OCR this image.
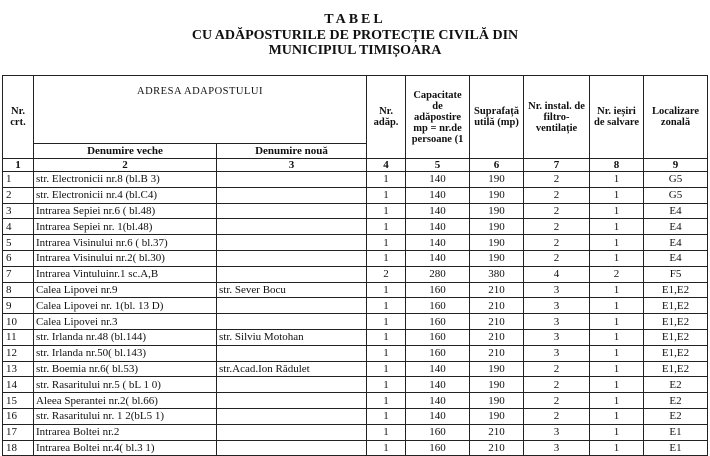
TABEL
CU ADĂPOSTURILE DE PROTECȚIE CIVILĂ DIN
MUNICIPIUL TIMIȘOARA
Nr. crt.	ADRESA ADAPOSTULUI		Nr. adăp.	Capacitate de adăpostire mp = nr.de persoane (1	Suprafață utilă (mp)	Nr. instal. de filtro-ventilație	Nr. ieșiri de salvare	Localizare zonală
	Denumire veche	Denumire nouă						
1	2	3	4	5	6	7	8	9
1	str. Electronicii nr.8 (bl.B 3)		1	140	190	2	1	G5
2	str. Electronicii nr.4 (bl.C4)		1	140	190	2	1	G5
3	Intrarea Sepiei nr.6 ( bl.48)		1	140	190	2	1	E4
4	Intrarea Sepiei nr. 1(bl.48)		1	140	190	2	1	E4
5	Intrarea Visinului nr.6 ( bl.37)		1	140	190	2	1	E4
6	Intrarea Visinului nr.2( bl.30)		1	140	190	2	1	E4
7	Intrarea Vintuluinr.1 sc.A,B		2	280	380	4	2	F5
8	Calea Lipovei nr.9	str. Sever Bocu	1	160	210	3	1	E1,E2
9	Calea Lipovei nr. 1(bl. 13 D)		1	160	210	3	1	E1,E2
10	Calea Lipovei nr.3		1	160	210	3	1	E1,E2
11	str. Irlanda nr.48 (bl.144)	str. Silviu Motohan	1	160	210	3	1	E1,E2
12	str. Irlanda nr.50( bl.143)		1	160	210	3	1	E1,E2
13	str. Boemia nr.6( bl.53)	str.Acad.Ion Rădulet	1	140	190	2	1	E1,E2
14	str. Rasaritului nr.5 ( bL 1 0)		1	140	190	2	1	E2
15	Aleea Sperantei nr.2( bl.66)		1	140	190	2	1	E2
16	str. Rasaritului nr. 1 2(bL5 1)		1	140	190	2	1	E2
17	Intrarea Boltei nr.2		1	160	210	3	1	E1
18	Intrarea Boltei nr.4( bl.3 1)		1	160	210	3	1	E1
